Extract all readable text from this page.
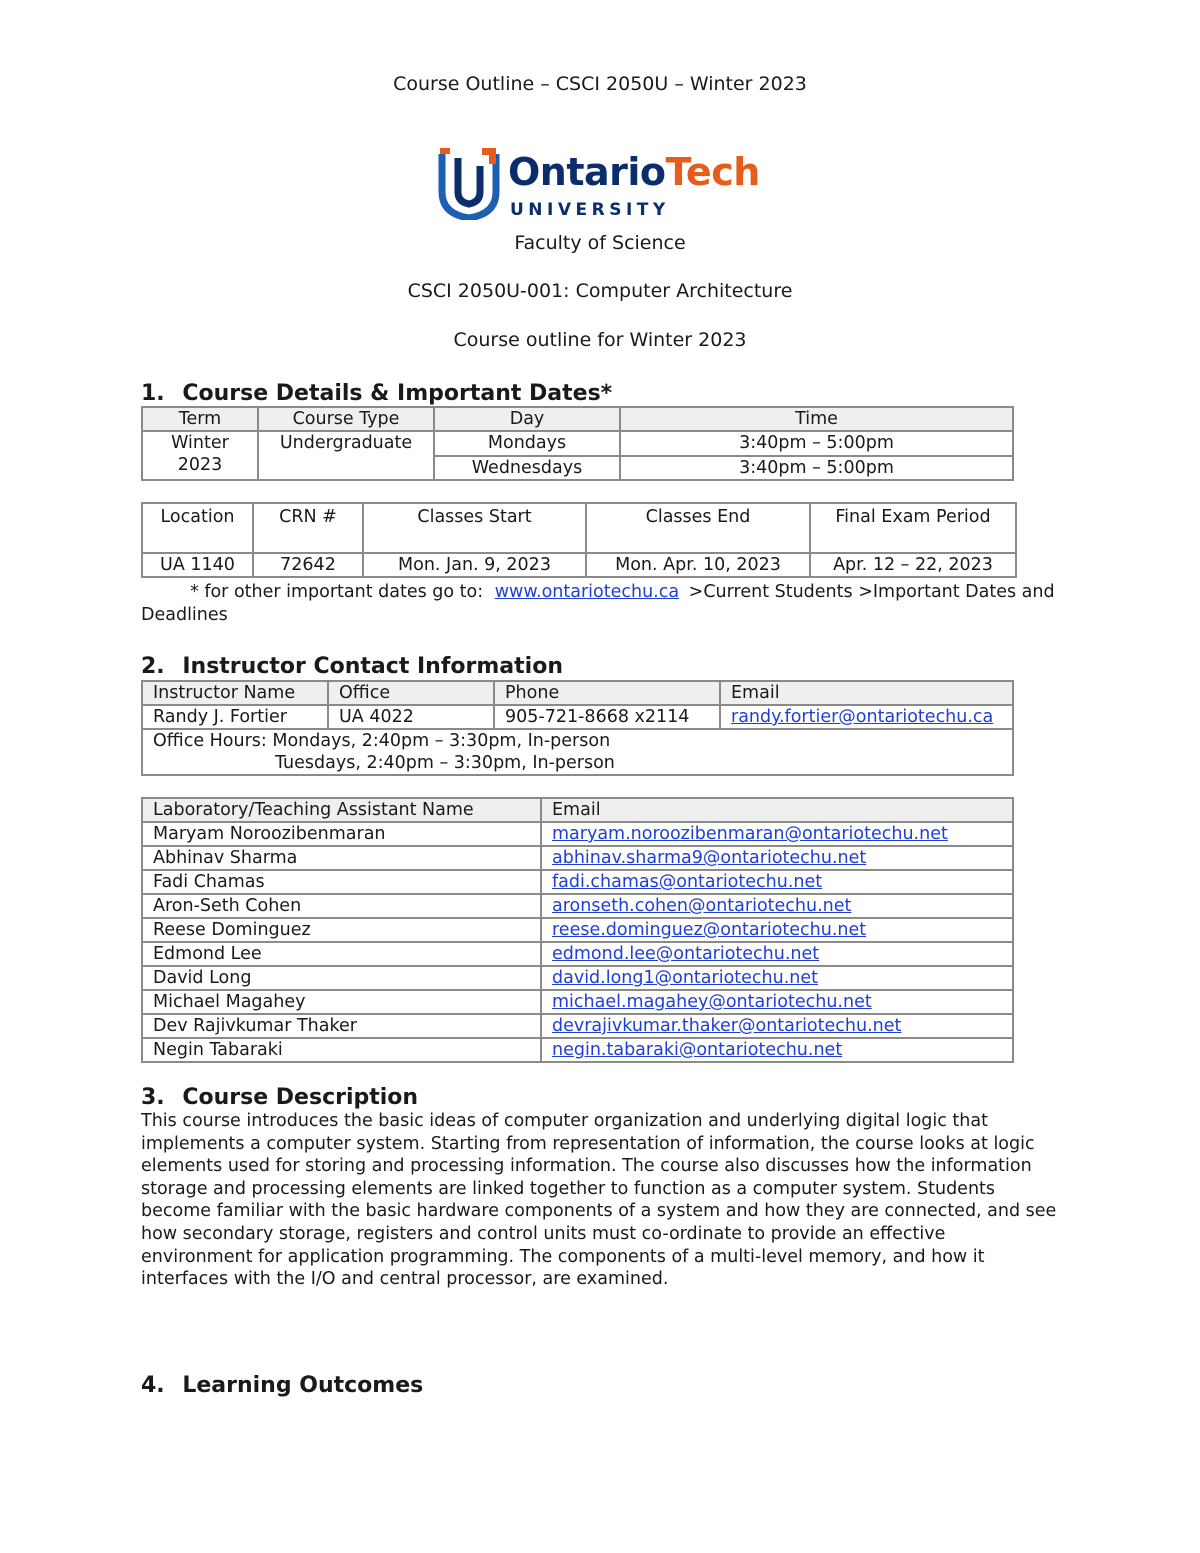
Course Outline – CSCI 2050U – Winter 2023
OntarioTech
UNIVERSITY
Faculty of Science
CSCI 2050U-001: Computer Architecture
Course outline for Winter 2023
1. Course Details & Important Dates*
Term	Course Type	Day	Time
Winter 2023	Undergraduate	Mondays	3:40pm – 5:00pm
		Wednesdays	3:40pm – 5:00pm
Location	CRN #	Classes Start	Classes End	Final Exam Period
UA 1140	72642	Mon. Jan. 9, 2023	Mon. Apr. 10, 2023	Apr. 12 – 22, 2023
* for other important dates go to: www.ontariotechu.ca >Current Students >Important Dates and
Deadlines
2. Instructor Contact Information
Instructor Name	Office	Phone	Email
Randy J. Fortier	UA 4022	905-721-8668 x2114	randy.fortier@ontariotechu.ca

Office Hours: Mondays, 2:40pm – 3:30pm, In-person
Tuesdays, 2:40pm – 3:30pm, In-person			
Laboratory/Teaching Assistant Name	Email
Maryam Noroozibenmaran	maryam.noroozibenmaran@ontariotechu.net
Abhinav Sharma	abhinav.sharma9@ontariotechu.net
Fadi Chamas	fadi.chamas@ontariotechu.net
Aron-Seth Cohen	aronseth.cohen@ontariotechu.net
Reese Dominguez	reese.dominguez@ontariotechu.net
Edmond Lee	edmond.lee@ontariotechu.net
David Long	david.long1@ontariotechu.net
Michael Magahey	michael.magahey@ontariotechu.net
Dev Rajivkumar Thaker	devrajivkumar.thaker@ontariotechu.net
Negin Tabaraki	negin.tabaraki@ontariotechu.net
3. Course Description

This course introduces the basic ideas of computer organization and underlying digital logic that

implements a computer system. Starting from representation of information, the course looks at logic

elements used for storing and processing information. The course also discusses how the information

storage and processing elements are linked together to function as a computer system. Students

become familiar with the basic hardware components of a system and how they are connected, and see

how secondary storage, registers and control units must co-ordinate to provide an effective

environment for application programming. The components of a multi-level memory, and how it

interfaces with the I/O and central processor, are examined.

4. Learning Outcomes
